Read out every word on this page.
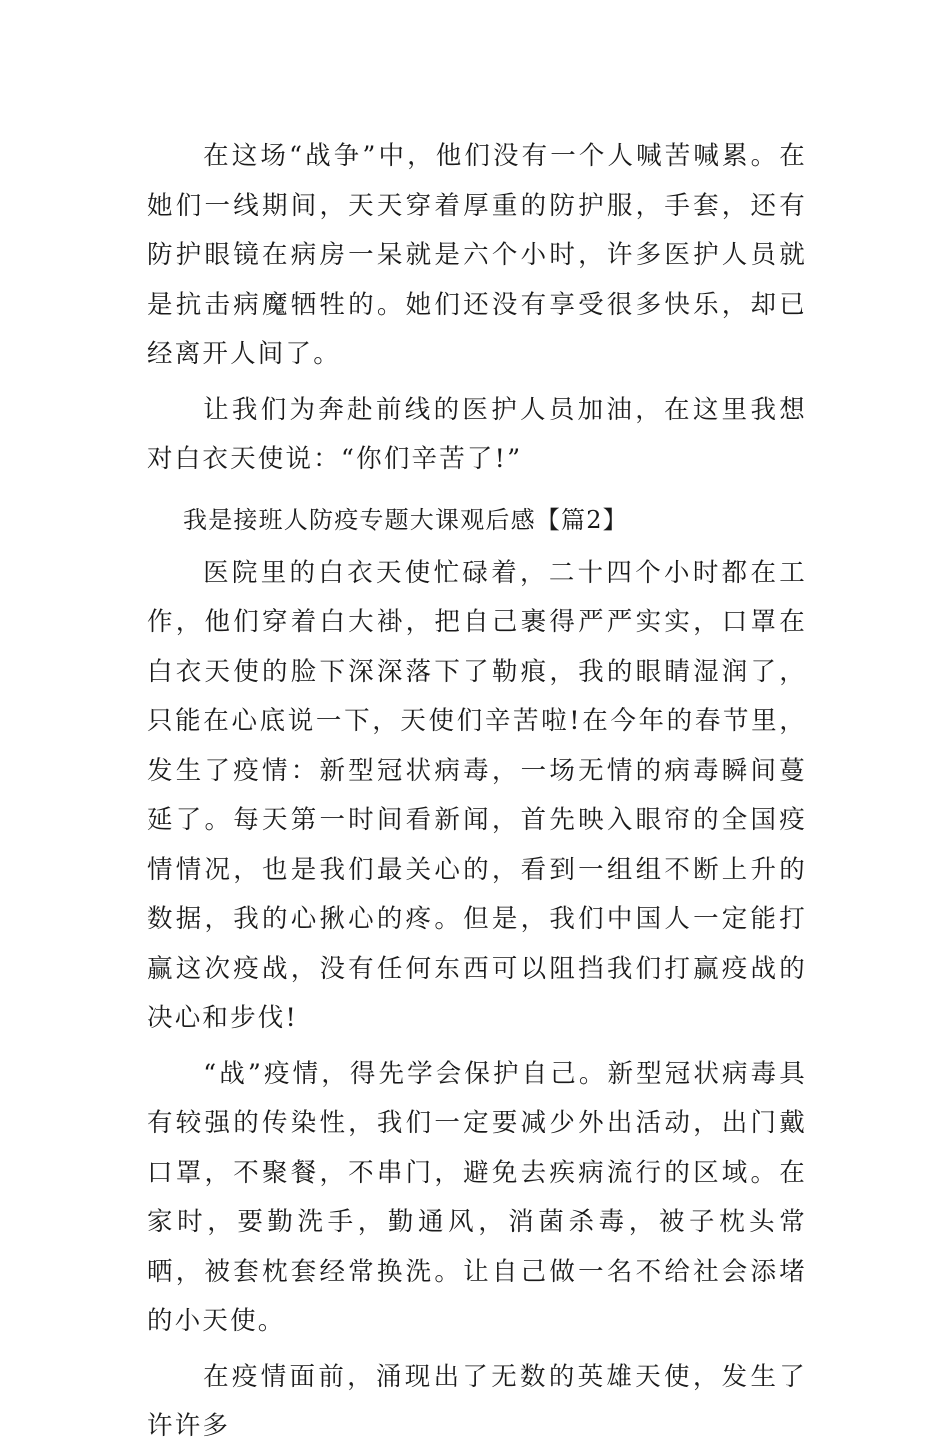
在这场“战争”中，他们没有一个人喊苦喊累。在她们一线期间，天天穿着厚重的防护服，手套，还有防护眼镜在病房一呆就是六个小时，许多医护人员就是抗击病魔牺牲的。她们还没有享受很多快乐，却已经离开人间了。

让我们为奔赴前线的医护人员加油，在这里我想对白衣天使说：“你们辛苦了!”

我是接班人防疫专题大课观后感【篇2】

医院里的白衣天使忙碌着，二十四个小时都在工作，他们穿着白大褂，把自己裹得严严实实，口罩在白衣天使的脸下深深落下了勒痕，我的眼睛湿润了，只能在心底说一下，天使们辛苦啦!在今年的春节里，发生了疫情：新型冠状病毒，一场无情的病毒瞬间蔓延了。每天第一时间看新闻，首先映入眼帘的全国疫情情况，也是我们最关心的，看到一组组不断上升的数据，我的心揪心的疼。但是，我们中国人一定能打赢这次疫战，没有任何东西可以阻挡我们打赢疫战的决心和步伐!

“战”疫情，得先学会保护自己。新型冠状病毒具有较强的传染性，我们一定要减少外出活动，出门戴口罩，不聚餐，不串门，避免去疾病流行的区域。在家时，要勤洗手，勤通风，消菌杀毒，被子枕头常晒，被套枕套经常换洗。让自己做一名不给社会添堵的小天使。

在疫情面前，涌现出了无数的英雄天使，发生了许许多
